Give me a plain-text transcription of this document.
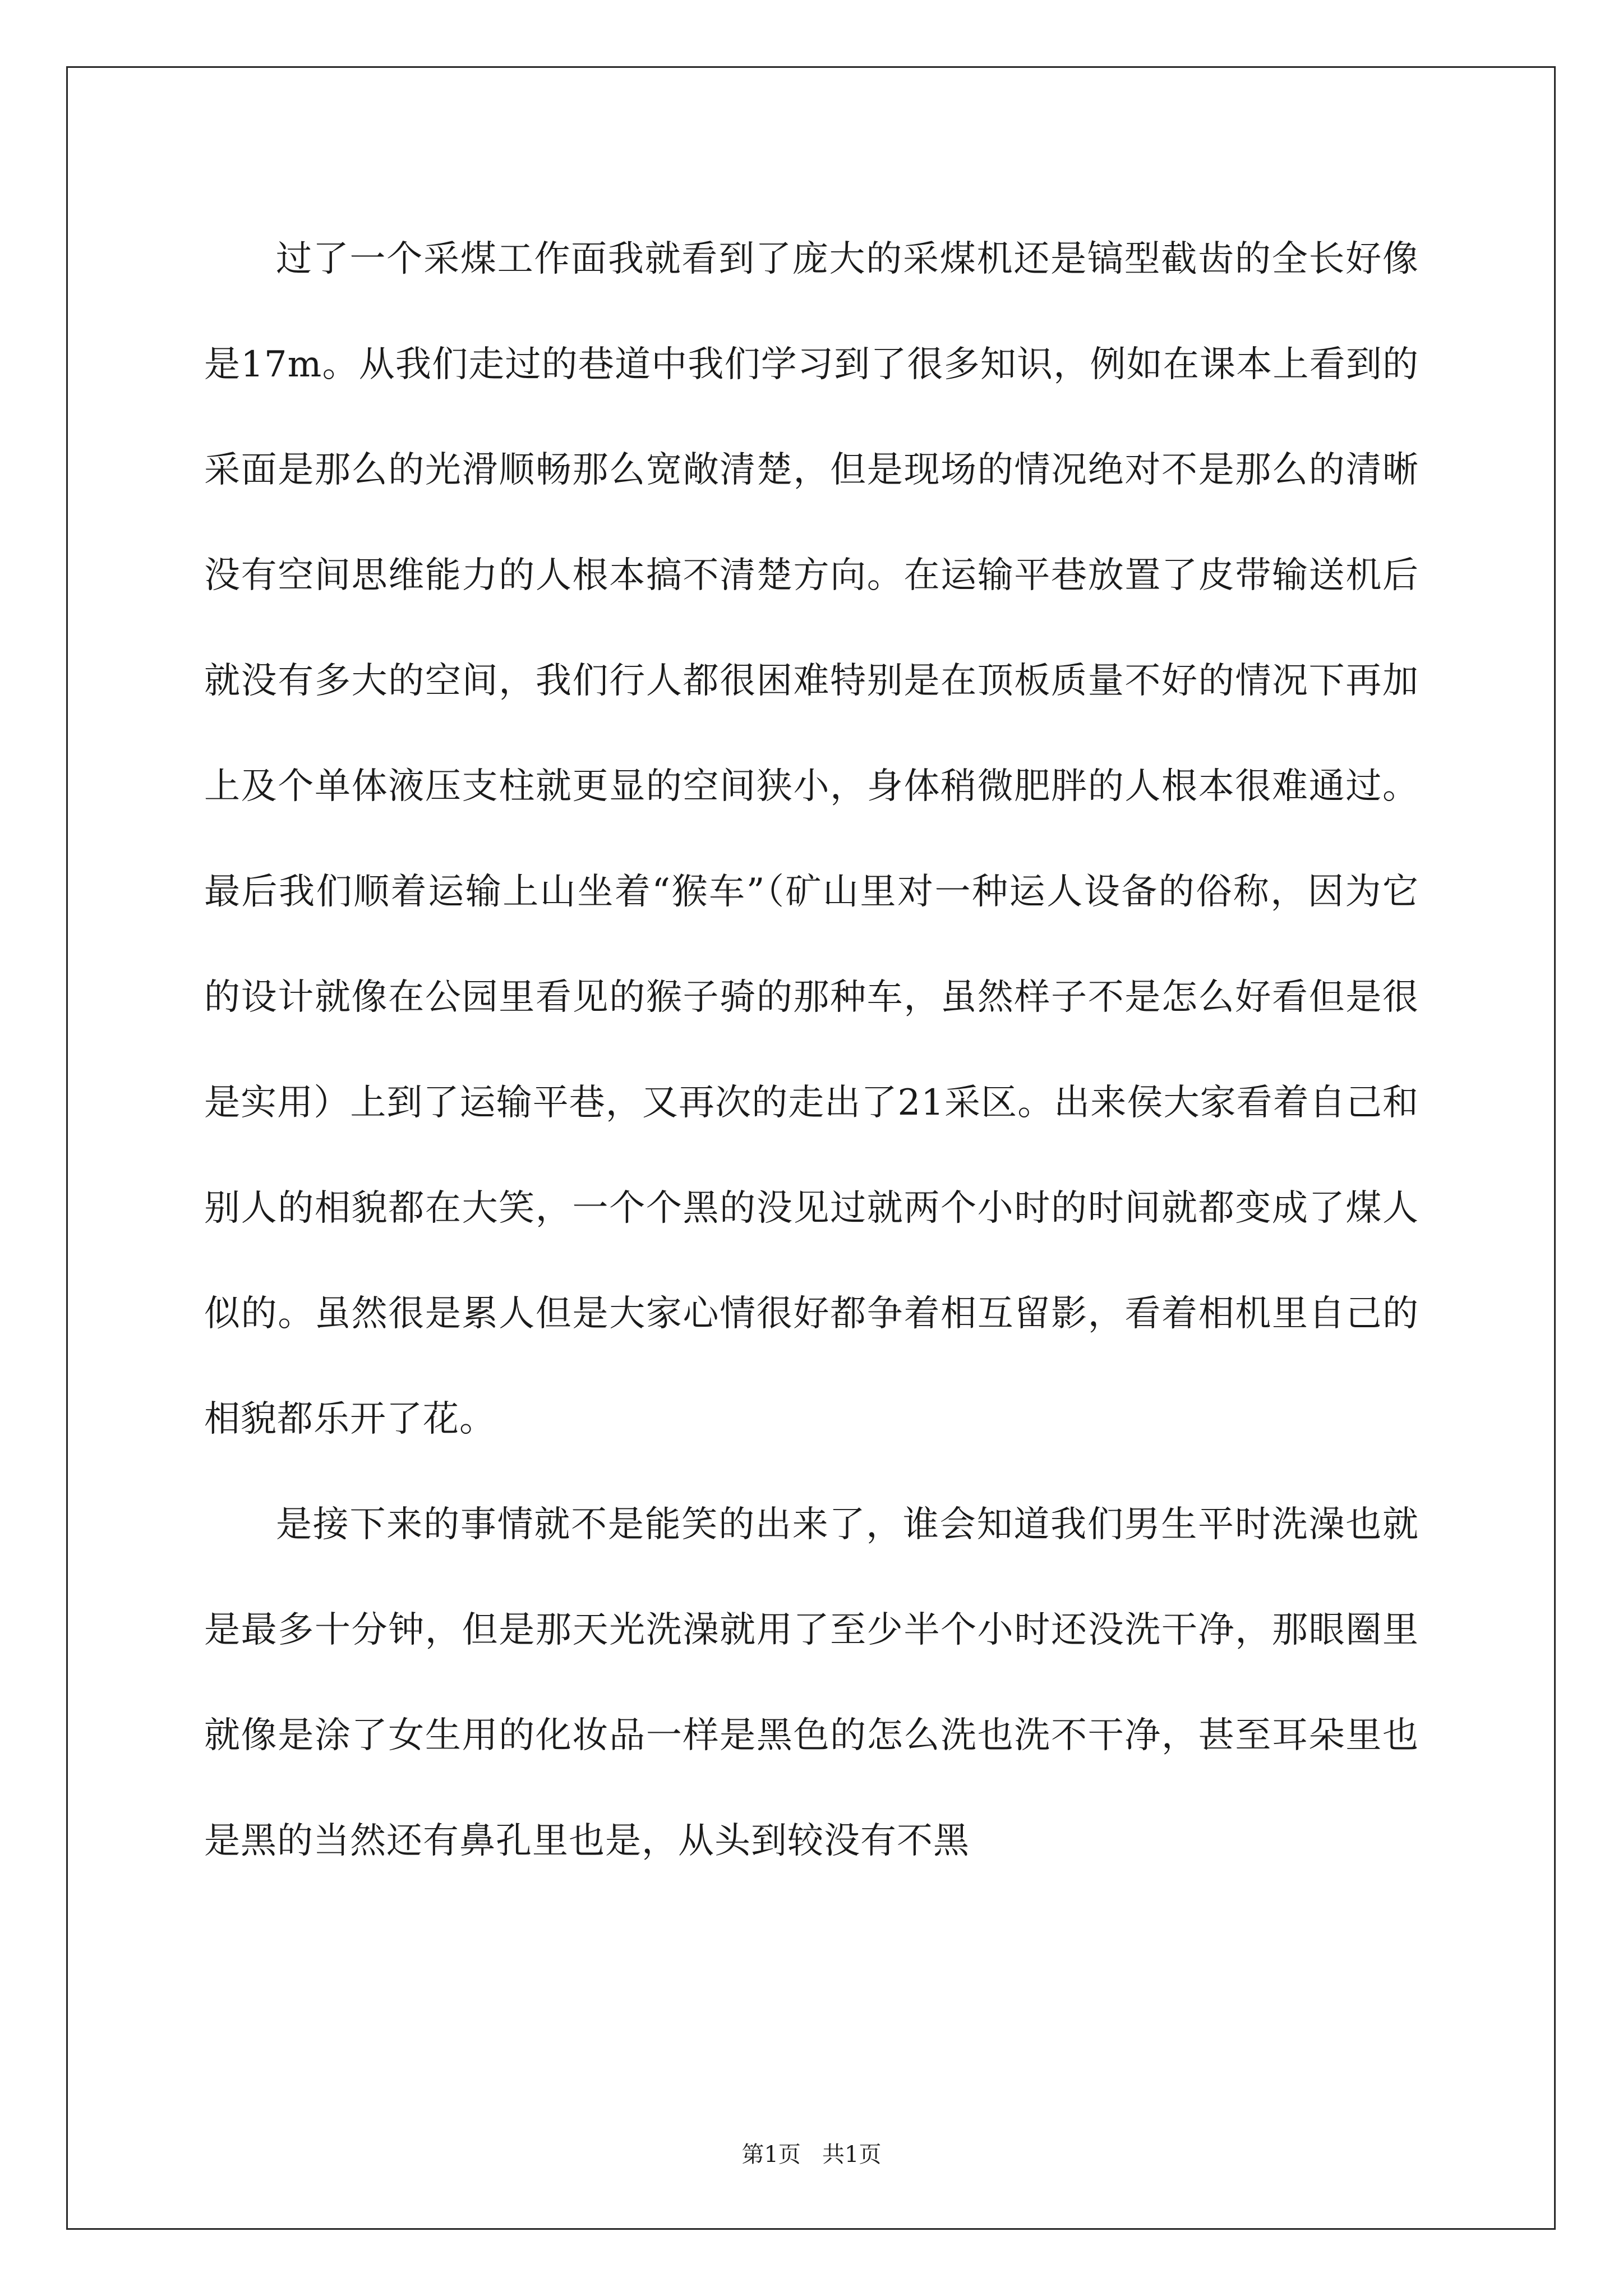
过了一个采煤工作面我就看到了庞大的采煤机还是镐型截齿的全长好像是17m。从我们走过的巷道中我们学习到了很多知识，例如在课本上看到的采面是那么的光滑顺畅那么宽敞清楚，但是现场的情况绝对不是那么的清晰没有空间思维能力的人根本搞不清楚方向。在运输平巷放置了皮带输送机后就没有多大的空间，我们行人都很困难特别是在顶板质量不好的情况下再加上及个单体液压支柱就更显的空间狭小，身体稍微肥胖的人根本很难通过。最后我们顺着运输上山坐着“猴车”（矿山里对一种运人设备的俗称，因为它的设计就像在公园里看见的猴子骑的那种车，虽然样子不是怎么好看但是很是实用）上到了运输平巷，又再次的走出了21采区。出来侯大家看着自己和别人的相貌都在大笑，一个个黑的没见过就两个小时的时间就都变成了煤人似的。虽然很是累人但是大家心情很好都争着相互留影，看着相机里自己的相貌都乐开了花。

是接下来的事情就不是能笑的出来了，谁会知道我们男生平时洗澡也就是最多十分钟，但是那天光洗澡就用了至少半个小时还没洗干净，那眼圈里就像是涂了女生用的化妆品一样是黑色的怎么洗也洗不干净，甚至耳朵里也是黑的当然还有鼻孔里也是，从头到较没有不黑

第1页   共1页
